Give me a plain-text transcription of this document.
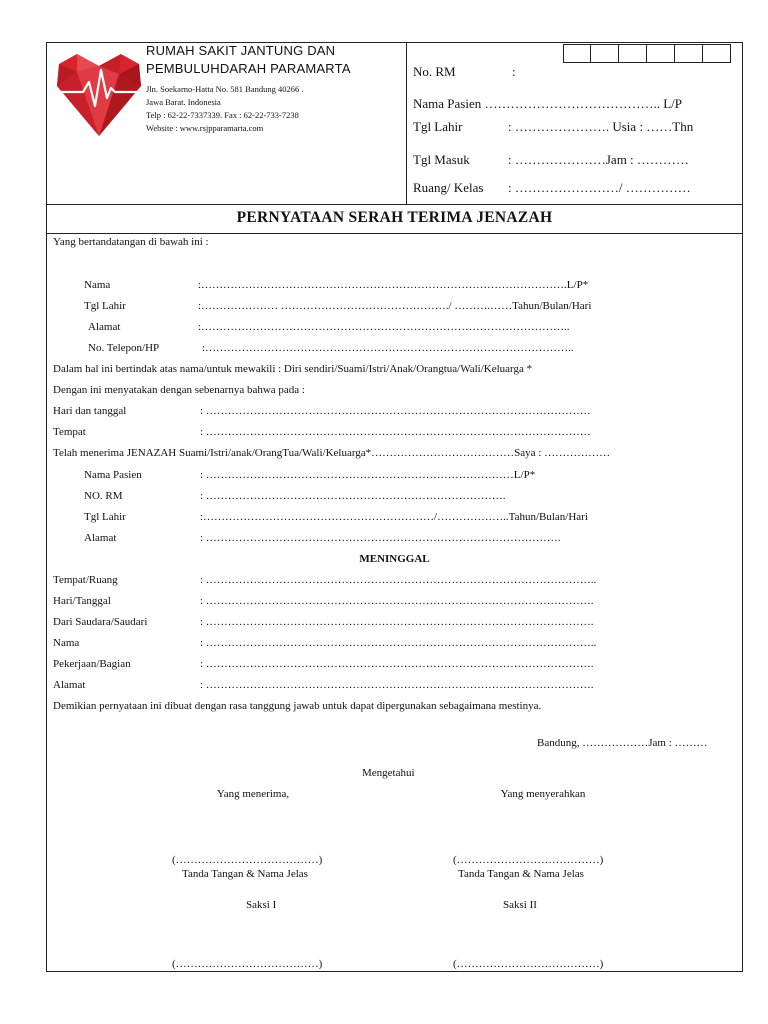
RUMAH SAKIT JANTUNG DAN
PEMBULUHDARAH PARAMARTA
Jln. Soekarno-Hatta No. 581 Bandung 40266 .
Jawa Barat. Indonesia
Telp : 62-22-7337339. Fax : 62-22-733-7238
Website : www.rsjpparamarta.com
No. RM	:
Nama Pasien ………………………………….. L/P
Tgl Lahir	: …………………. Usia : ……Thn
Tgl Masuk	: …………………Jam : …………
Ruang/ Kelas : ……………………/ ……………
PERNYATAAN SERAH TERIMA JENAZAH
Yang bertandatangan di bawah ini :
Nama	:……………………………………………………………………………………….L/P*
Tgl Lahir	:………………… ………………………………………./ ……….……Tahun/Bulan/Hari
Alamat	:………………………………………………………………………………………..
No. Telepon/HP	:………………………………………………………………………………………..
Dalam hal ini bertindak atas nama/untuk mewakili : Diri sendiri/Suami/Istri/Anak/Orangtua/Wali/Keluarga *
Dengan ini menyatakan dengan sebenarnya bahwa pada :
Hari dan tanggal	: ……………………………………………………………………………………………
Tempat	: ……………………………………………………………………………………………
Telah menerima JENAZAH Suami/Istri/anak/OrangTua/Wali/Keluarga*…………………………………Saya : ………………
Nama Pasien	: …………………………………………………………………………L/P*
NO. RM	: ……………………………………………………………………….
Tgl Lahir	:………………………………………………………/………………..Tahun/Bulan/Hari
Alamat	: …………………………………………………………………………………….
MENINGGAL
Tempat/Ruang	: ……………………………………………………………………………………………..
Hari/Tanggal	: …………………………………………………………………………………………….
Dari Saudara/Saudari	: …………………………………………………………………………………………….
Nama	: ……………………………………………………………………………………………..
Pekerjaan/Bagian	: …………………………………………………………………………………………….
Alamat	: …………………………………………………………………………………………….
Demikian pernyataan ini dibuat dengan rasa tanggung jawab untuk dapat dipergunakan sebagaimana mestinya.
Bandung, ………………Jam : ………
Mengetahui
Yang menerima,	Yang menyerahkan
(…………………………………)	(…………………………………)
Tanda Tangan & Nama Jelas	Tanda Tangan & Nama Jelas
Saksi I	Saksi II
(…………………………………)	(…………………………………)
